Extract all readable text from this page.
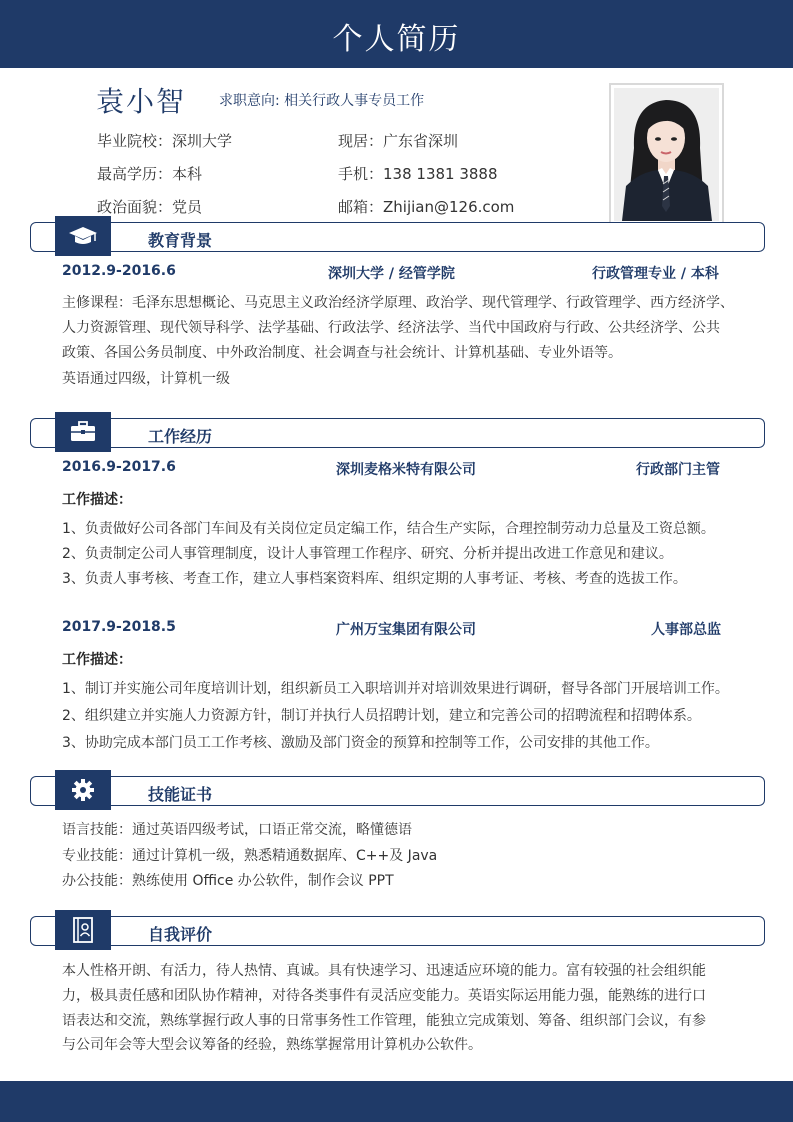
个人简历
袁小智 求职意向: 相关行政人事专员工作
毕业院校：深圳大学	现居：广东省深圳
最高学历：本科	手机：138 1381 3888
政治面貌：党员	邮箱：Zhijian@126.com
教育背景
2012.9-2016.6	深圳大学 / 经管学院	行政管理专业 / 本科
主修课程：毛泽东思想概论、马克思主义政治经济学原理、政治学、现代管理学、行政管理学、西方经济学、
人力资源管理、现代领导科学、法学基础、行政法学、经济法学、当代中国政府与行政、公共经济学、公共
政策、各国公务员制度、中外政治制度、社会调查与社会统计、计算机基础、专业外语等。
英语通过四级，计算机一级
工作经历
2016.9-2017.6	深圳麦格米特有限公司	行政部门主管
工作描述：
1、负责做好公司各部门车间及有关岗位定员定编工作，结合生产实际，合理控制劳动力总量及工资总额。
2、负责制定公司人事管理制度，设计人事管理工作程序、研究、分析并提出改进工作意见和建议。
3、负责人事考核、考查工作，建立人事档案资料库、组织定期的人事考证、考核、考查的选拔工作。
2017.9-2018.5	广州万宝集团有限公司	人事部总监
工作描述：
1、制订并实施公司年度培训计划，组织新员工入职培训并对培训效果进行调研，督导各部门开展培训工作。
2、组织建立并实施人力资源方针，制订并执行人员招聘计划，建立和完善公司的招聘流程和招聘体系。
3、协助完成本部门员工工作考核、激励及部门资金的预算和控制等工作，公司安排的其他工作。
技能证书
语言技能：通过英语四级考试，口语正常交流，略懂德语
专业技能：通过计算机一级，熟悉精通数据库、C++及 Java
办公技能：熟练使用 Office 办公软件，制作会议 PPT
自我评价
本人性格开朗、有活力，待人热情、真诚。具有快速学习、迅速适应环境的能力。富有较强的社会组织能
力，极具责任感和团队协作精神，对待各类事件有灵活应变能力。英语实际运用能力强，能熟练的进行口
语表达和交流，熟练掌握行政人事的日常事务性工作管理，能独立完成策划、筹备、组织部门会议，有参
与公司年会等大型会议筹备的经验，熟练掌握常用计算机办公软件。
